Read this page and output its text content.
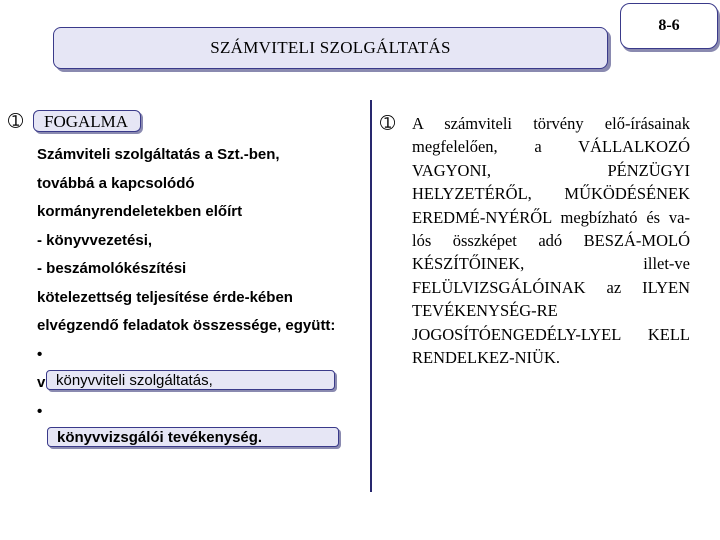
SZÁMVITELI SZOLGÁLTATÁS
8-6
➀	FOGALMA
Számviteli szolgáltatás a Szt.-ben,
továbbá a kapcsolódó
kormányrendeletekben előírt
- könyvvezetési,
- beszámolókészítési
kötelezettség teljesítése érde-kében
elvégzendő feladatok összessége, együtt:
•
v könyvviteli szolgáltatás,
•
könyvvizsgálói tevékenység.
➀ A számviteli törvény elő-írásainak megfelelően, a VÁLLALKOZÓ VAGYONI, PÉNZÜGYI HELYZETÉRŐL, MŰKÖDÉSÉNEK EREDMÉ-NYÉRŐL megbízható és va-lós összképet adó BESZÁ-MOLÓ KÉSZÍTŐINEK, illet-ve FELÜLVIZSGÁLÓINAK az ILYEN TEVÉKENYSÉG-RE JOGOSÍTÓENGEDÉLY-LYEL KELL RENDELKEZ-NIÜK.
